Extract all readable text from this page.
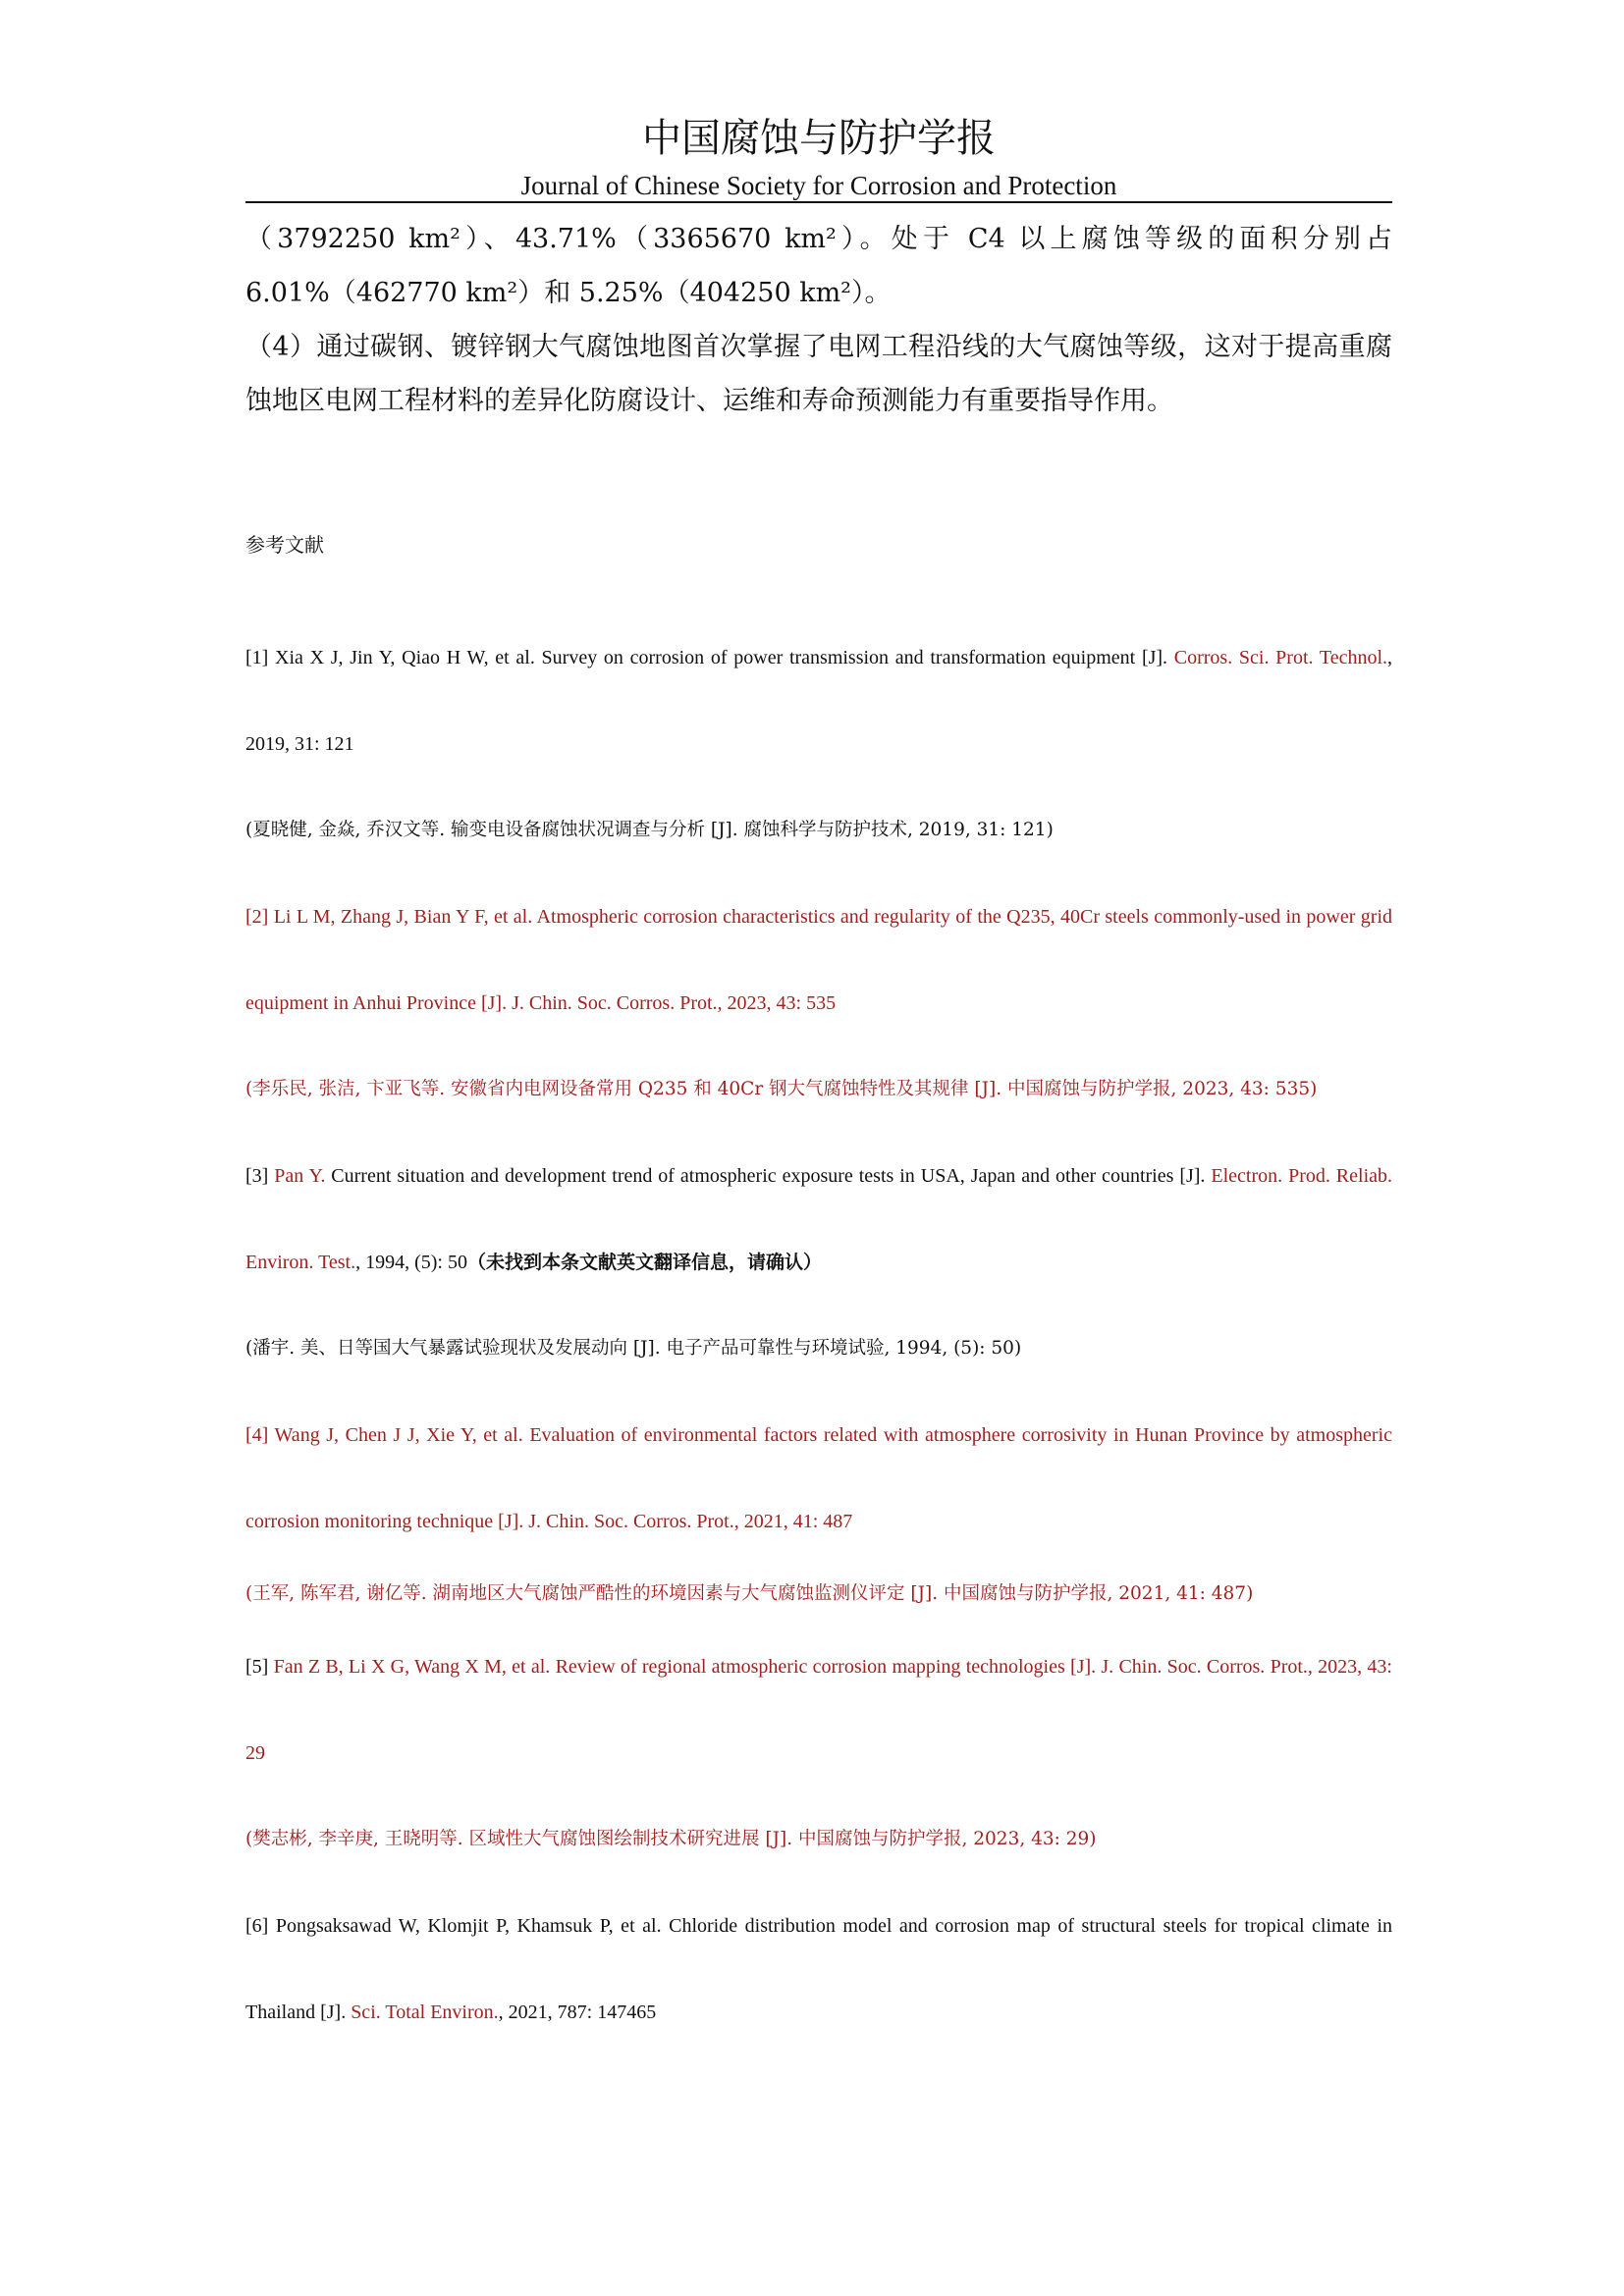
中国腐蚀与防护学报
Journal of Chinese Society for Corrosion and Protection

（3792250 km²）、43.71%（3365670 km²）。处于 C4 以上腐蚀等级的面积分别占 6.01%（462770 km²）和 5.25%（404250 km²）。

（4）通过碳钢、镀锌钢大气腐蚀地图首次掌握了电网工程沿线的大气腐蚀等级，这对于提高重腐蚀地区电网工程材料的差异化防腐设计、运维和寿命预测能力有重要指导作用。

参考文献

[1] Xia X J, Jin Y, Qiao H W, et al. Survey on corrosion of power transmission and transformation equipment [J]. Corros. Sci. Prot. Technol., 2019, 31: 121

(夏晓健, 金焱, 乔汉文等. 输变电设备腐蚀状况调查与分析 [J]. 腐蚀科学与防护技术, 2019, 31: 121)

[2] Li L M, Zhang J, Bian Y F, et al. Atmospheric corrosion characteristics and regularity of the Q235, 40Cr steels commonly-used in power grid equipment in Anhui Province [J]. J. Chin. Soc. Corros. Prot., 2023, 43: 535

(李乐民, 张洁, 卞亚飞等. 安徽省内电网设备常用 Q235 和 40Cr 钢大气腐蚀特性及其规律 [J]. 中国腐蚀与防护学报, 2023, 43: 535)

[3] Pan Y. Current situation and development trend of atmospheric exposure tests in USA, Japan and other countries [J]. Electron. Prod. Reliab. Environ. Test., 1994, (5): 50（未找到本条文献英文翻译信息，请确认）

(潘宇. 美、日等国大气暴露试验现状及发展动向 [J]. 电子产品可靠性与环境试验, 1994, (5): 50)

[4] Wang J, Chen J J, Xie Y, et al. Evaluation of environmental factors related with atmosphere corrosivity in Hunan Province by atmospheric corrosion monitoring technique [J]. J. Chin. Soc. Corros. Prot., 2021, 41: 487

(王军, 陈军君, 谢亿等. 湖南地区大气腐蚀严酷性的环境因素与大气腐蚀监测仪评定 [J]. 中国腐蚀与防护学报, 2021, 41: 487)

[5] Fan Z B, Li X G, Wang X M, et al. Review of regional atmospheric corrosion mapping technologies [J]. J. Chin. Soc. Corros. Prot., 2023, 43: 29

(樊志彬, 李辛庚, 王晓明等. 区域性大气腐蚀图绘制技术研究进展 [J]. 中国腐蚀与防护学报, 2023, 43: 29)

[6] Pongsaksawad W, Klomjit P, Khamsuk P, et al. Chloride distribution model and corrosion map of structural steels for tropical climate in Thailand [J]. Sci. Total Environ., 2021, 787: 147465
